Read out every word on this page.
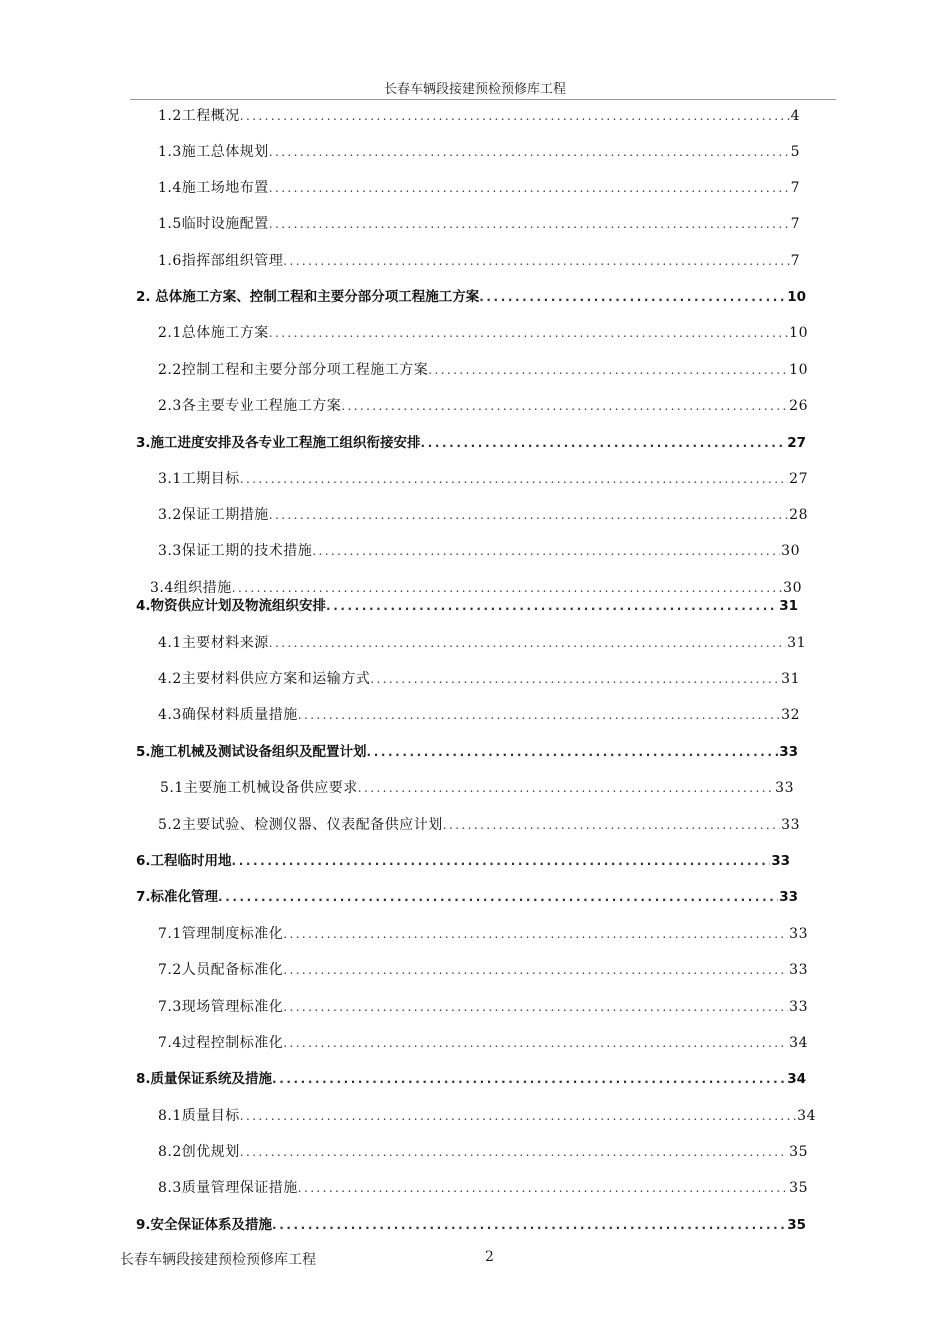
长春车辆段接建预检预修库工程
1.2工程概况 .....	4
1.3施工总体规划 .....	5
1.4施工场地布置 .....	7
1.5临时设施配置 .....	7
1.6指挥部组织管理 .....	7
2. 总体施工方案、控制工程和主要分部分项工程施工方案 .....	10
2.1总体施工方案 .....	10
2.2控制工程和主要分部分项工程施工方案 .....	10
2.3各主要专业工程施工方案 .....	26
3.施工进度安排及各专业工程施工组织衔接安排 .....	27
3.1工期目标 .....	27
3.2保证工期措施 .....	28
3.3保证工期的技术措施 .....	30
3.4组织措施 .....	30
4.物资供应计划及物流组织安排 .....	31
4.1主要材料来源 .....	31
4.2主要材料供应方案和运输方式 .....	31
4.3确保材料质量措施 .....	32
5.施工机械及测试设备组织及配置计划 .....	33
5.1主要施工机械设备供应要求 .....	33
5.2主要试验、检测仪器、仪表配备供应计划 .....	33
6.工程临时用地 .....	33
7.标准化管理 .....	33
7.1管理制度标准化 .....	33
7.2人员配备标准化 .....	33
7.3现场管理标准化 .....	33
7.4过程控制标准化 .....	34
8.质量保证系统及措施 .....	34
8.1质量目标 .....	34
8.2创优规划 .....	35
8.3质量管理保证措施 .....	35
9.安全保证体系及措施 .....	35
长春车辆段接建预检预修库工程	2
